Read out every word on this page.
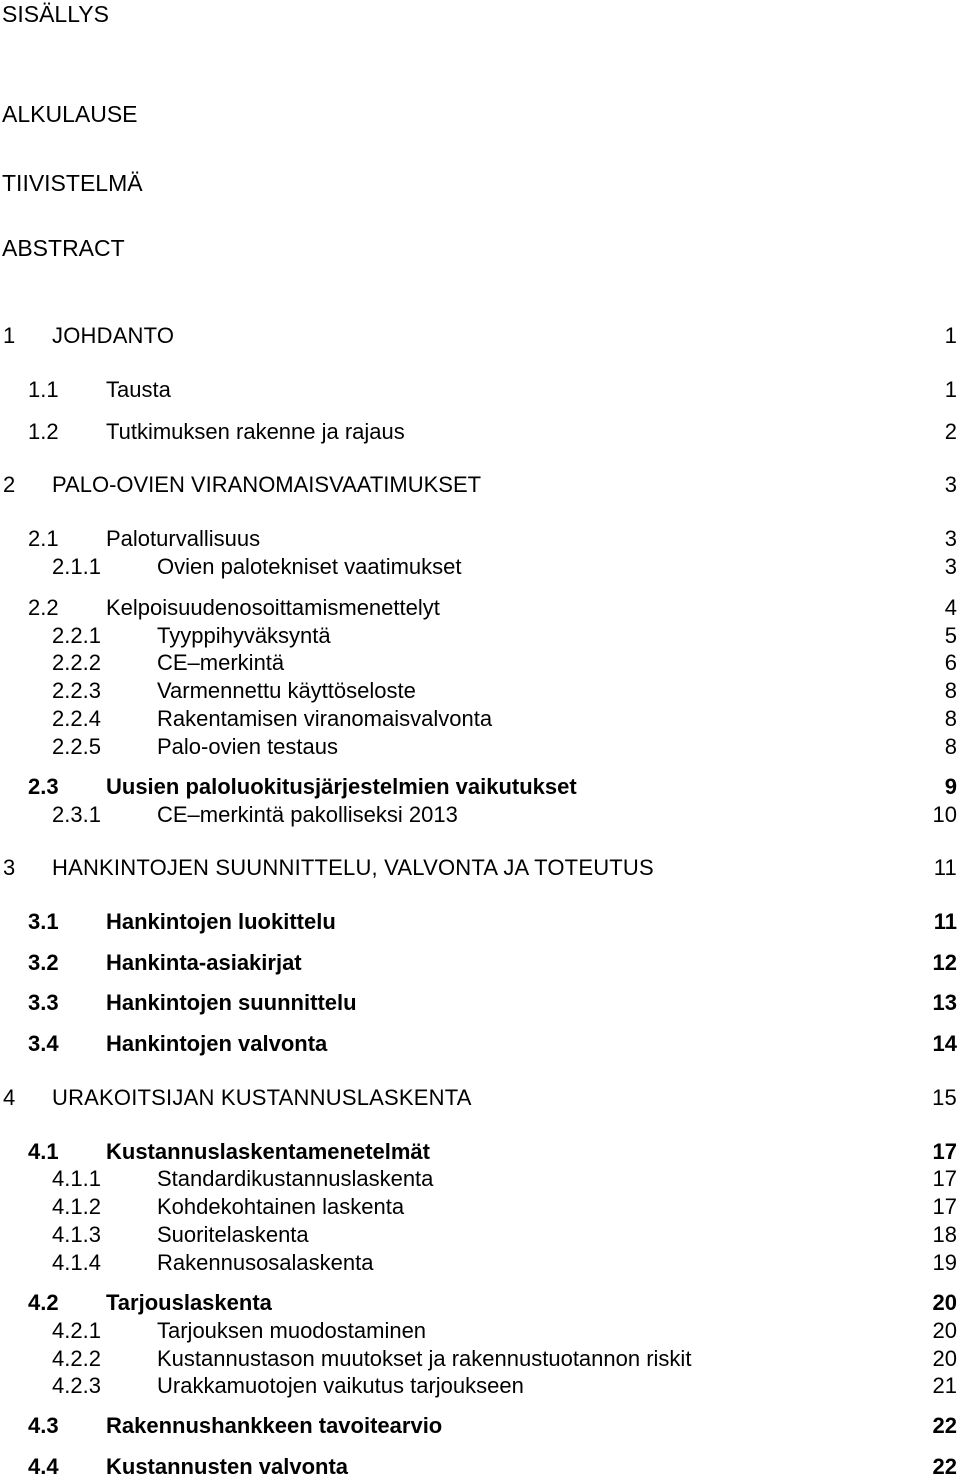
SISÄLLYS
ALKULAUSE
TIIVISTELMÄ
ABSTRACT
1 JOHDANTO	1
1.1 Tausta	1
1.2 Tutkimuksen rakenne ja rajaus	2
2 PALO-OVIEN VIRANOMAISVAATIMUKSET	3
2.1 Paloturvallisuus	3
2.1.1	Ovien palotekniset vaatimukset	3
2.2 Kelpoisuudenosoittamismenettelyt	4
2.2.1	Tyyppihyväksyntä	5
2.2.2	CE–merkintä	6
2.2.3	Varmennettu käyttöseloste	8
2.2.4	Rakentamisen viranomaisvalvonta	8
2.2.5	Palo-ovien testaus	8
2.3 Uusien paloluokitusjärjestelmien vaikutukset	9
2.3.1	CE–merkintä pakolliseksi 2013	10
3 HANKINTOJEN SUUNNITTELU, VALVONTA JA TOTEUTUS	11
3.1 Hankintojen luokittelu	11
3.2 Hankinta-asiakirjat	12
3.3 Hankintojen suunnittelu	13
3.4 Hankintojen valvonta	14
4 URAKOITSIJAN KUSTANNUSLASKENTA	15
4.1 Kustannuslaskentamenetelmät	17
4.1.1	Standardikustannuslaskenta	17
4.1.2	Kohdekohtainen laskenta	17
4.1.3	Suoritelaskenta	18
4.1.4	Rakennusosalaskenta	19
4.2 Tarjouslaskenta	20
4.2.1	Tarjouksen muodostaminen	20
4.2.2	Kustannustason muutokset ja rakennustuotannon riskit	20
4.2.3	Urakkamuotojen vaikutus tarjoukseen	21
4.3 Rakennushankkeen tavoitearvio	22
4.4 Kustannusten valvonta	22
